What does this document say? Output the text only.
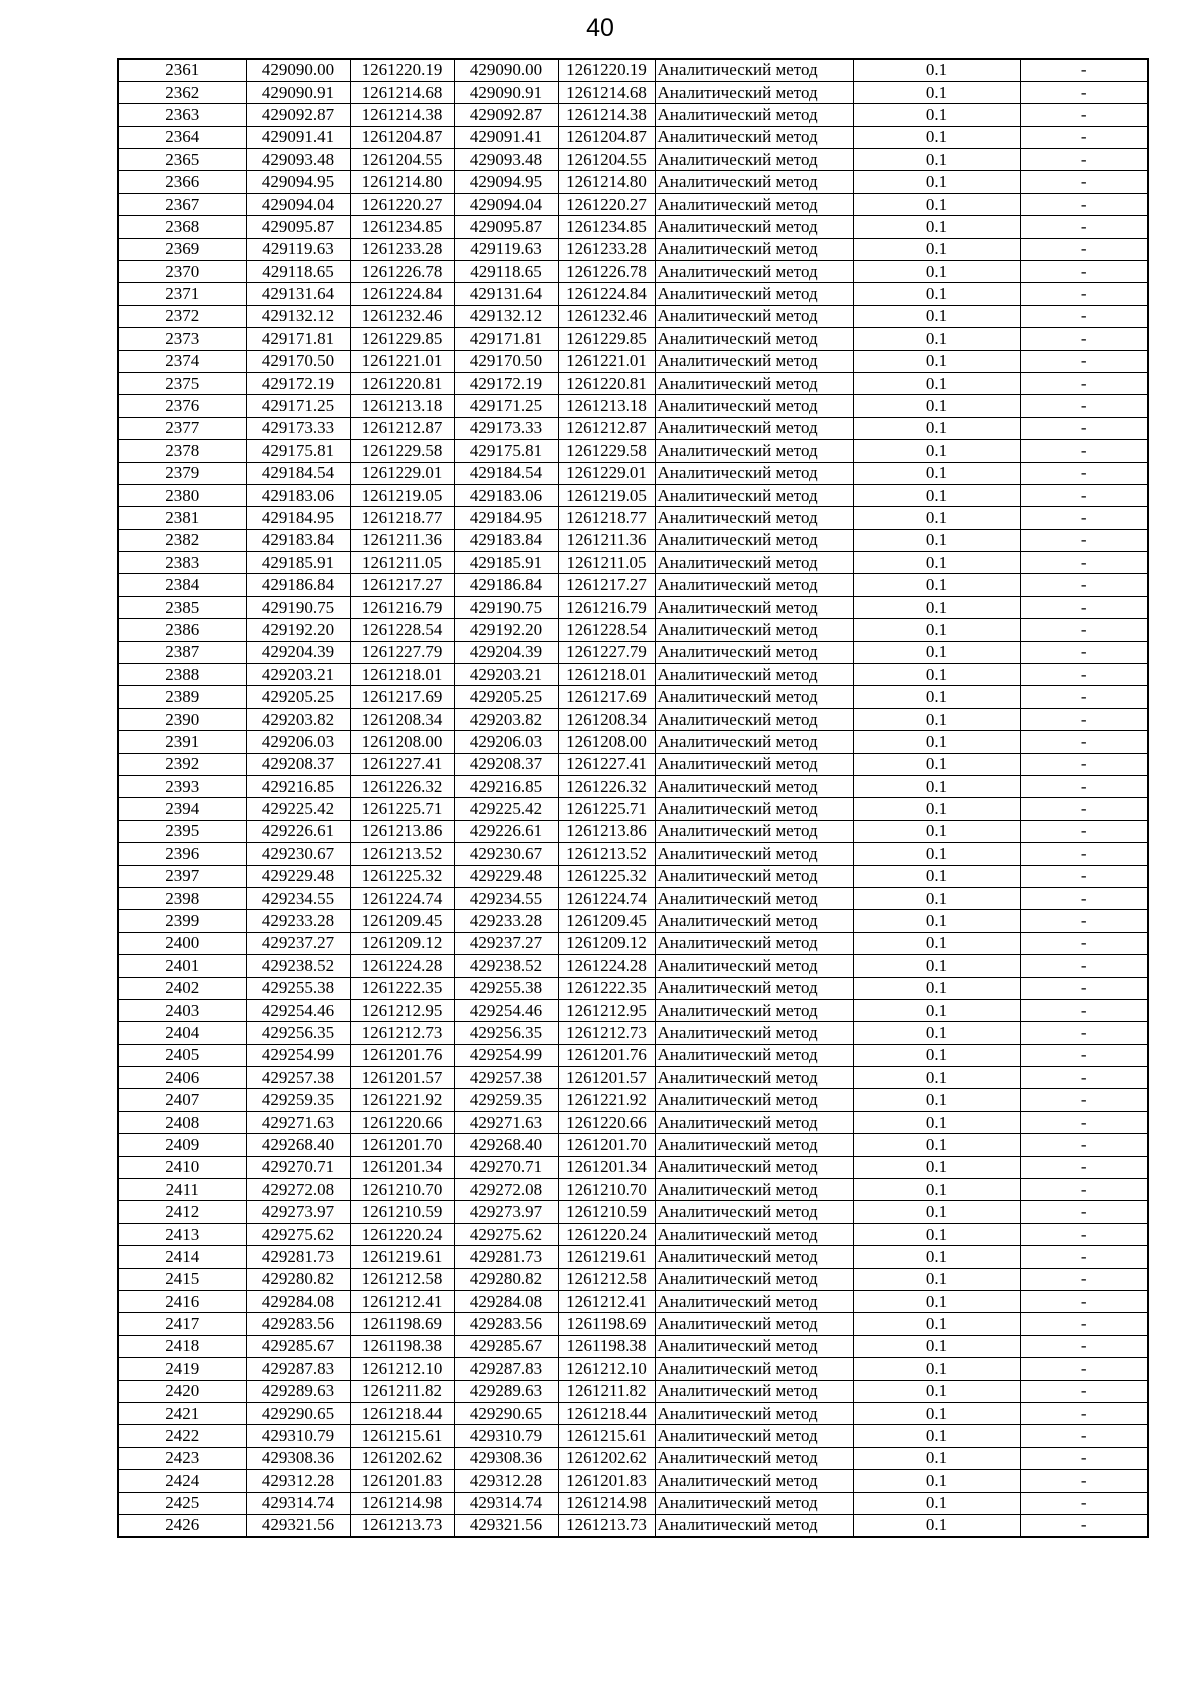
40
2361	429090.00	1261220.19	429090.00	1261220.19	Аналитический метод	0.1	-
2362	429090.91	1261214.68	429090.91	1261214.68	Аналитический метод	0.1	-
2363	429092.87	1261214.38	429092.87	1261214.38	Аналитический метод	0.1	-
2364	429091.41	1261204.87	429091.41	1261204.87	Аналитический метод	0.1	-
2365	429093.48	1261204.55	429093.48	1261204.55	Аналитический метод	0.1	-
2366	429094.95	1261214.80	429094.95	1261214.80	Аналитический метод	0.1	-
2367	429094.04	1261220.27	429094.04	1261220.27	Аналитический метод	0.1	-
2368	429095.87	1261234.85	429095.87	1261234.85	Аналитический метод	0.1	-
2369	429119.63	1261233.28	429119.63	1261233.28	Аналитический метод	0.1	-
2370	429118.65	1261226.78	429118.65	1261226.78	Аналитический метод	0.1	-
2371	429131.64	1261224.84	429131.64	1261224.84	Аналитический метод	0.1	-
2372	429132.12	1261232.46	429132.12	1261232.46	Аналитический метод	0.1	-
2373	429171.81	1261229.85	429171.81	1261229.85	Аналитический метод	0.1	-
2374	429170.50	1261221.01	429170.50	1261221.01	Аналитический метод	0.1	-
2375	429172.19	1261220.81	429172.19	1261220.81	Аналитический метод	0.1	-
2376	429171.25	1261213.18	429171.25	1261213.18	Аналитический метод	0.1	-
2377	429173.33	1261212.87	429173.33	1261212.87	Аналитический метод	0.1	-
2378	429175.81	1261229.58	429175.81	1261229.58	Аналитический метод	0.1	-
2379	429184.54	1261229.01	429184.54	1261229.01	Аналитический метод	0.1	-
2380	429183.06	1261219.05	429183.06	1261219.05	Аналитический метод	0.1	-
2381	429184.95	1261218.77	429184.95	1261218.77	Аналитический метод	0.1	-
2382	429183.84	1261211.36	429183.84	1261211.36	Аналитический метод	0.1	-
2383	429185.91	1261211.05	429185.91	1261211.05	Аналитический метод	0.1	-
2384	429186.84	1261217.27	429186.84	1261217.27	Аналитический метод	0.1	-
2385	429190.75	1261216.79	429190.75	1261216.79	Аналитический метод	0.1	-
2386	429192.20	1261228.54	429192.20	1261228.54	Аналитический метод	0.1	-
2387	429204.39	1261227.79	429204.39	1261227.79	Аналитический метод	0.1	-
2388	429203.21	1261218.01	429203.21	1261218.01	Аналитический метод	0.1	-
2389	429205.25	1261217.69	429205.25	1261217.69	Аналитический метод	0.1	-
2390	429203.82	1261208.34	429203.82	1261208.34	Аналитический метод	0.1	-
2391	429206.03	1261208.00	429206.03	1261208.00	Аналитический метод	0.1	-
2392	429208.37	1261227.41	429208.37	1261227.41	Аналитический метод	0.1	-
2393	429216.85	1261226.32	429216.85	1261226.32	Аналитический метод	0.1	-
2394	429225.42	1261225.71	429225.42	1261225.71	Аналитический метод	0.1	-
2395	429226.61	1261213.86	429226.61	1261213.86	Аналитический метод	0.1	-
2396	429230.67	1261213.52	429230.67	1261213.52	Аналитический метод	0.1	-
2397	429229.48	1261225.32	429229.48	1261225.32	Аналитический метод	0.1	-
2398	429234.55	1261224.74	429234.55	1261224.74	Аналитический метод	0.1	-
2399	429233.28	1261209.45	429233.28	1261209.45	Аналитический метод	0.1	-
2400	429237.27	1261209.12	429237.27	1261209.12	Аналитический метод	0.1	-
2401	429238.52	1261224.28	429238.52	1261224.28	Аналитический метод	0.1	-
2402	429255.38	1261222.35	429255.38	1261222.35	Аналитический метод	0.1	-
2403	429254.46	1261212.95	429254.46	1261212.95	Аналитический метод	0.1	-
2404	429256.35	1261212.73	429256.35	1261212.73	Аналитический метод	0.1	-
2405	429254.99	1261201.76	429254.99	1261201.76	Аналитический метод	0.1	-
2406	429257.38	1261201.57	429257.38	1261201.57	Аналитический метод	0.1	-
2407	429259.35	1261221.92	429259.35	1261221.92	Аналитический метод	0.1	-
2408	429271.63	1261220.66	429271.63	1261220.66	Аналитический метод	0.1	-
2409	429268.40	1261201.70	429268.40	1261201.70	Аналитический метод	0.1	-
2410	429270.71	1261201.34	429270.71	1261201.34	Аналитический метод	0.1	-
2411	429272.08	1261210.70	429272.08	1261210.70	Аналитический метод	0.1	-
2412	429273.97	1261210.59	429273.97	1261210.59	Аналитический метод	0.1	-
2413	429275.62	1261220.24	429275.62	1261220.24	Аналитический метод	0.1	-
2414	429281.73	1261219.61	429281.73	1261219.61	Аналитический метод	0.1	-
2415	429280.82	1261212.58	429280.82	1261212.58	Аналитический метод	0.1	-
2416	429284.08	1261212.41	429284.08	1261212.41	Аналитический метод	0.1	-
2417	429283.56	1261198.69	429283.56	1261198.69	Аналитический метод	0.1	-
2418	429285.67	1261198.38	429285.67	1261198.38	Аналитический метод	0.1	-
2419	429287.83	1261212.10	429287.83	1261212.10	Аналитический метод	0.1	-
2420	429289.63	1261211.82	429289.63	1261211.82	Аналитический метод	0.1	-
2421	429290.65	1261218.44	429290.65	1261218.44	Аналитический метод	0.1	-
2422	429310.79	1261215.61	429310.79	1261215.61	Аналитический метод	0.1	-
2423	429308.36	1261202.62	429308.36	1261202.62	Аналитический метод	0.1	-
2424	429312.28	1261201.83	429312.28	1261201.83	Аналитический метод	0.1	-
2425	429314.74	1261214.98	429314.74	1261214.98	Аналитический метод	0.1	-
2426	429321.56	1261213.73	429321.56	1261213.73	Аналитический метод	0.1	-
